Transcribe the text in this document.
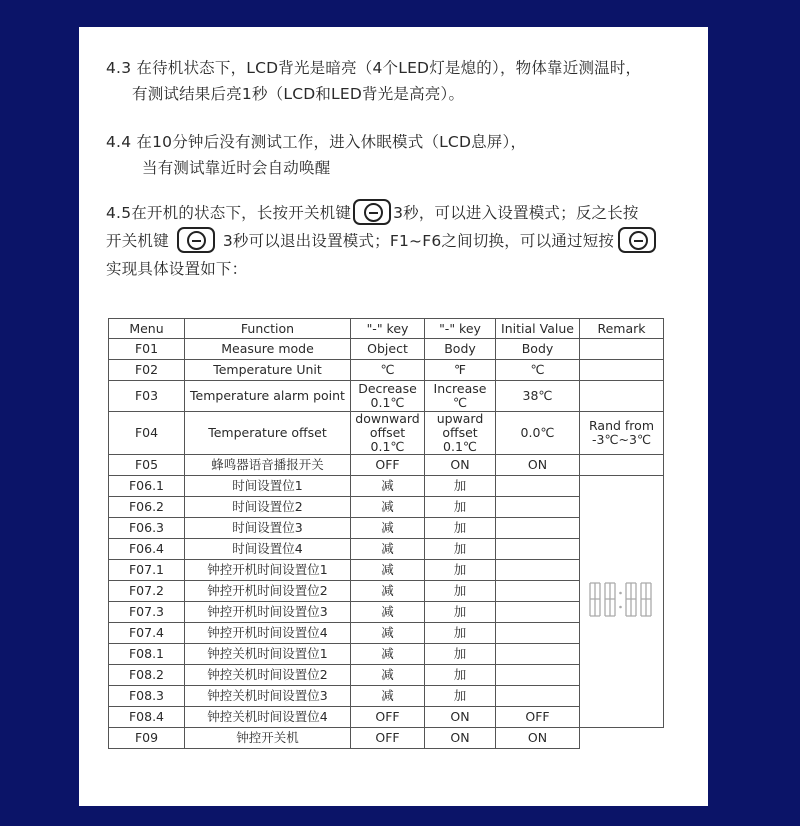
4.3 在待机状态下，LCD背光是暗亮（4个LED灯是熄的），物体靠近测温时，
有测试结果后亮1秒（LCD和LED背光是高亮）。
4.4 在10分钟后没有测试工作，进入休眠模式（LCD息屏），
当有测试靠近时会自动唤醒
4.5在开机的状态下，长按开关机键	3秒，可以进入设置模式；反之长按
开关机键	3秒可以退出设置模式；F1~F6之间切换，可以通过短按
实现具体设置如下：
Menu	Function	"-" key	"-" key	Initial Value	Remark
F01	Measure mode	Object	Body	Body	
F02	Temperature Unit	℃	℉	℃	
F03	Temperature alarm point	Decrease 0.1℃	Increase ℃	38℃	
F04	Temperature offset	downward offset 0.1℃	upward offset 0.1℃	0.0℃	Rand from -3℃~3℃
F05	蜂鸣器语音播报开关	OFF	ON	ON	
F06.1	时间设置位1	减	加		
F06.2	时间设置位2	减	加		
F06.3	时间设置位3	减	加		
F06.4	时间设置位4	减	加		
F07.1	钟控开机时间设置位1	减	加		
F07.2	钟控开机时间设置位2	减	加		
F07.3	钟控开机时间设置位3	减	加		
F07.4	钟控开机时间设置位4	减	加		
F08.1	钟控关机时间设置位1	减	加		
F08.2	钟控关机时间设置位2	减	加		
F08.3	钟控关机时间设置位3	减	加		
F08.4	钟控关机时间设置位4	OFF	ON	OFF	
F09	钟控开关机	OFF	ON	ON	
